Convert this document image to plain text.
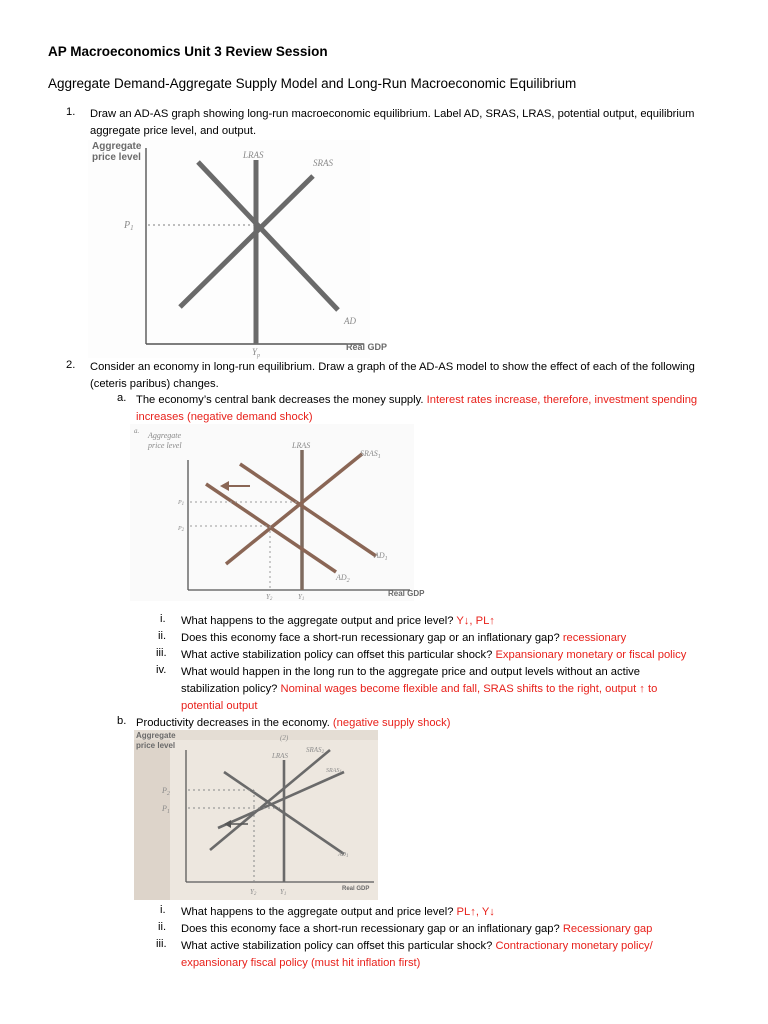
AP Macroeconomics Unit 3 Review Session
Aggregate Demand-Aggregate Supply Model and Long-Run Macroeconomic Equilibrium
1. Draw an AD-AS graph showing long-run macroeconomic equilibrium. Label AD, SRAS, LRAS, potential output, equilibrium
aggregate price level, and output.
Aggregate
price level	LRAS
SRAS
AD
$P_1$
$Y_p$
Real GDP
2. Consider an economy in long-run equilibrium. Draw a graph of the AD-AS model to show the effect of each of the following
(ceteris paribus) changes.
a. The economy’s central bank decreases the money supply. Interest rates increase, therefore, investment spending
increases (negative demand shock)
a. Aggregate
price level	LRAS
$SRAS_1$
$AD_1$
$AD_2$
P1
P2
Y2	Y1
Real GDP
i. What happens to the aggregate output and price level? Y↓, PL↑
ii. Does this economy face a short-run recessionary gap or an inflationary gap? recessionary
iii. What active stabilization policy can offset this particular shock? Expansionary monetary or fiscal policy
iv. What would happen in the long run to the aggregate price and output levels without an active
stabilization policy? Nominal wages become flexible and fall, SRAS shifts to the right, output ↑ to
potential output
b. Productivity decreases in the economy. (negative supply shock)
Aggregate
price level
(2)
LRAS
SRAS2
SRAS1
AD1
$P_2$
$P_1$
Y2	Y1
Real GDP
i. What happens to the aggregate output and price level? PL↑, Y↓
ii. Does this economy face a short-run recessionary gap or an inflationary gap? Recessionary gap
iii. What active stabilization policy can offset this particular shock? Contractionary monetary policy/
expansionary fiscal policy (must hit inflation first)
